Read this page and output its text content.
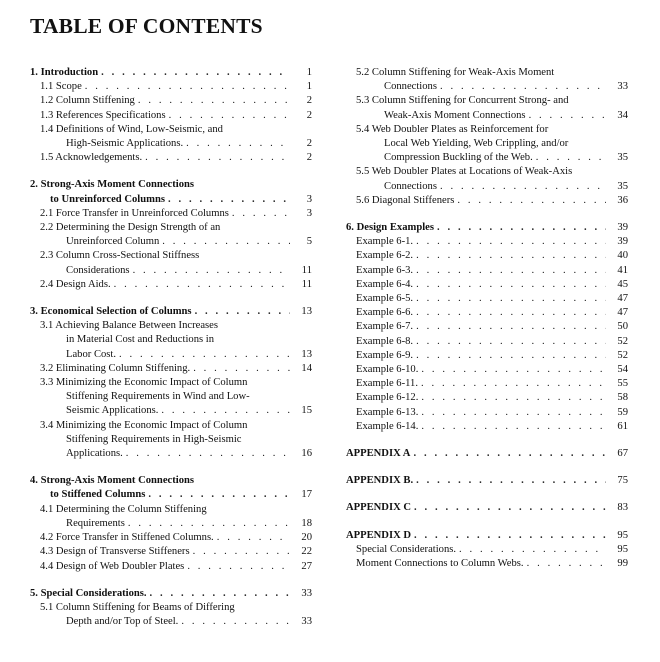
TABLE OF CONTENTS
1. Introduction . . .	1
1.1 Scope . . .	1
1.2 Column Stiffening . . .	2
1.3 References Specifications . . .	2
1.4 Definitions of Wind, Low-Seismic, and
High-Seismic Applications. . . .	2
1.5 Acknowledgements. . . .	2
2. Strong-Axis Moment Connections
to Unreinforced Columns . . .	3
2.1 Force Transfer in Unreinforced Columns . . .	3
2.2 Determining the Design Strength of an
Unreinforced Column . . .	5
2.3 Column Cross-Sectional Stiffness
Considerations . . .	11
2.4 Design Aids. . . .	11
3. Economical Selection of Columns . . .	13
3.1 Achieving Balance Between Increases
in Material Cost and Reductions in
Labor Cost. . . .	13
3.2 Eliminating Column Stiffening. . . .	14
3.3 Minimizing the Economic Impact of Column
Stiffening Requirements in Wind and Low-
Seismic Applications. . . .	15
3.4 Minimizing the Economic Impact of Column
Stiffening Requirements in High-Seismic
Applications. . . .	16
4. Strong-Axis Moment Connections
to Stiffened Columns . . .	17
4.1 Determining the Column Stiffening
Requirements . . .	18
4.2 Force Transfer in Stiffened Columns. . . .	20
4.3 Design of Transverse Stiffeners . . .	22
4.4 Design of Web Doubler Plates . . .	27
5. Special Considerations. . . .	33
5.1 Column Stiffening for Beams of Differing
Depth and/or Top of Steel. . . .	33
5.2 Column Stiffening for Weak-Axis Moment
Connections . . .	33
5.3 Column Stiffening for Concurrent Strong- and
Weak-Axis Moment Connections . . .	34
5.4 Web Doubler Plates as Reinforcement for
Local Web Yielding, Web Crippling, and/or
Compression Buckling of the Web. . . .	35
5.5 Web Doubler Plates at Locations of Weak-Axis
Connections . . .	35
5.6 Diagonal Stiffeners . . .	36
6. Design Examples . . .	39
Example 6-1. . . .	39
Example 6-2. . . .	40
Example 6-3. . . .	41
Example 6-4. . . .	45
Example 6-5. . . .	47
Example 6-6. . . .	47
Example 6-7. . . .	50
Example 6-8. . . .	52
Example 6-9. . . .	52
Example 6-10. . . .	54
Example 6-11. . . .	55
Example 6-12. . . .	58
Example 6-13. . . .	59
Example 6-14. . . .	61
APPENDIX A . . .	67
APPENDIX B. . . .	75
APPENDIX C . . .	83
APPENDIX D . . .	95
Special Considerations. . . .	95
Moment Connections to Column Webs. . . .	99
